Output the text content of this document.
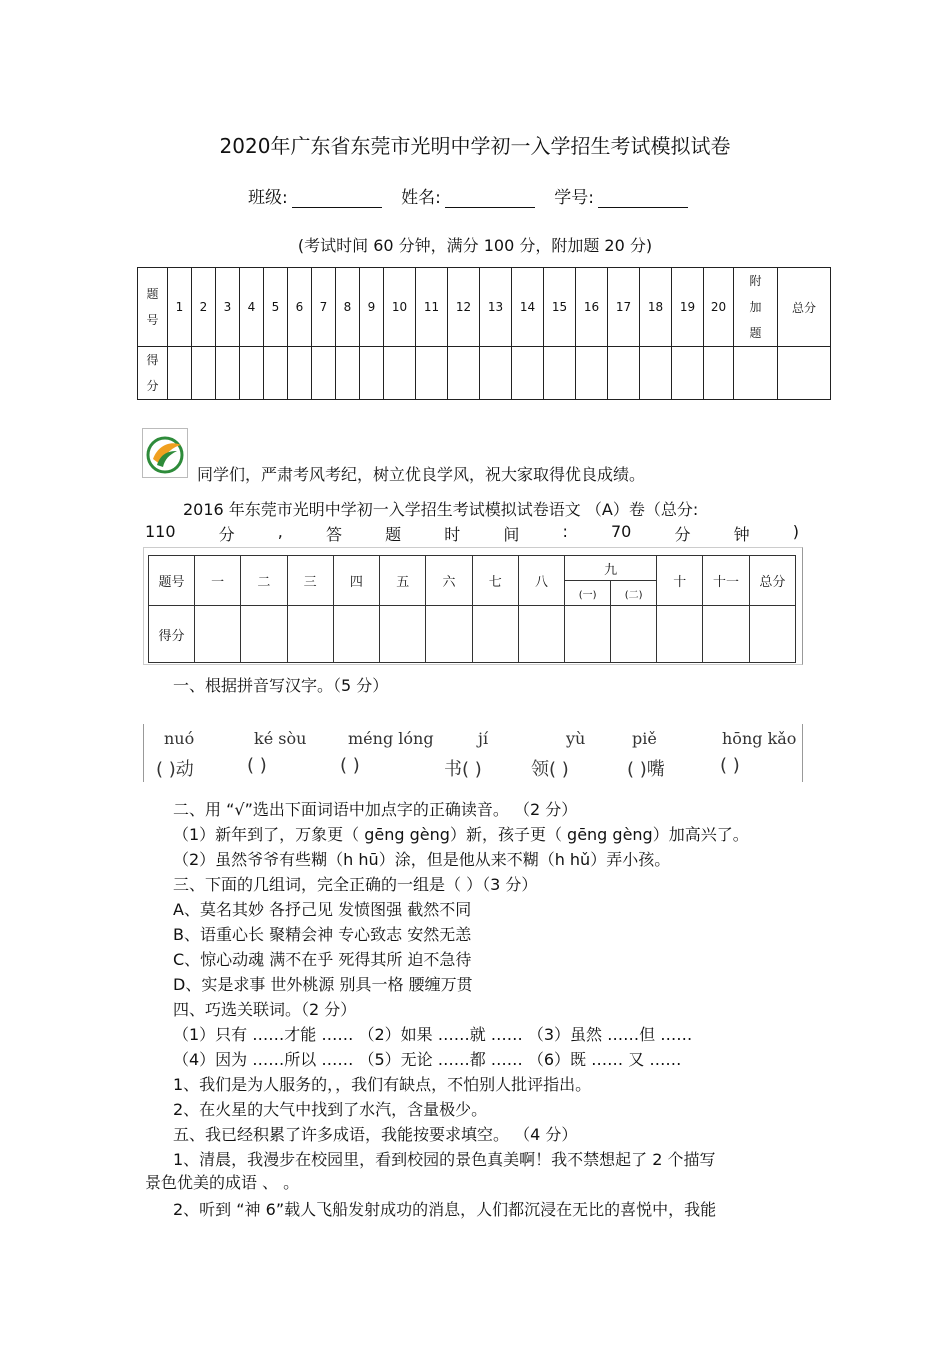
2020年广东省东莞市光明中学初一入学招生考试模拟试卷
班级:	姓名:	学号:
(考试时间 60 分钟，满分 100 分，附加题 20 分)
题号	1	2	3	4	5	6	7	8	9	10	11	12	13	14	15	16	17	18	19	20	附加题	总分
得分																						
同学们，严肃考风考纪，树立优良学风，祝大家取得优良成绩。
2016 年东莞市光明中学初一入学招生考试模拟试卷语文 （A）卷（总分:
110	分	,	答	题	时	间	:	70	分	钟	)
题号	一	二	三	四	五	六	七	八	九		十	十一	总分
									(一)	(二)			
得分													
一、根据拼音写汉字。（5 分）
nuó	ké sòu	méng lóng	jí	yù	piě	hōng kǎo
( )动	( )	( )	书( )	领( )	( )嘴	( )
二、用 “√”选出下面词语中加点字的正确读音。 （2 分）
（1）新年到了，万象更（ gēng gèng）新，孩子更（ gēng gèng）加高兴了。
（2）虽然爷爷有些糊（h hū）涂，但是他从来不糊（h hǔ）弄小孩。
三、下面的几组词，完全正确的一组是（ ）（3 分）
A、莫名其妙 各抒己见 发愤图强 截然不同
B、语重心长 聚精会神 专心致志 安然无恙
C、惊心动魂 满不在乎 死得其所 迫不急待
D、实是求事 世外桃源 别具一格 腰缠万贯
四、巧选关联词。（2 分）
（1）只有 ……才能 …… （2）如果 ……就 …… （3）虽然 ……但 ……
（4）因为 ……所以 …… （5）无论 ……都 …… （6）既 …… 又 ……
1、我们是为人服务的，，我们有缺点，不怕别人批评指出。
2、在火星的大气中找到了水汽，含量极少。
五、我已经积累了许多成语，我能按要求填空。 （4 分）
1、清晨，我漫步在校园里，看到校园的景色真美啊！我不禁想起了 2 个描写
景色优美的成语 、 。
2、听到 “神 6”载人飞船发射成功的消息，人们都沉浸在无比的喜悦中，我能
